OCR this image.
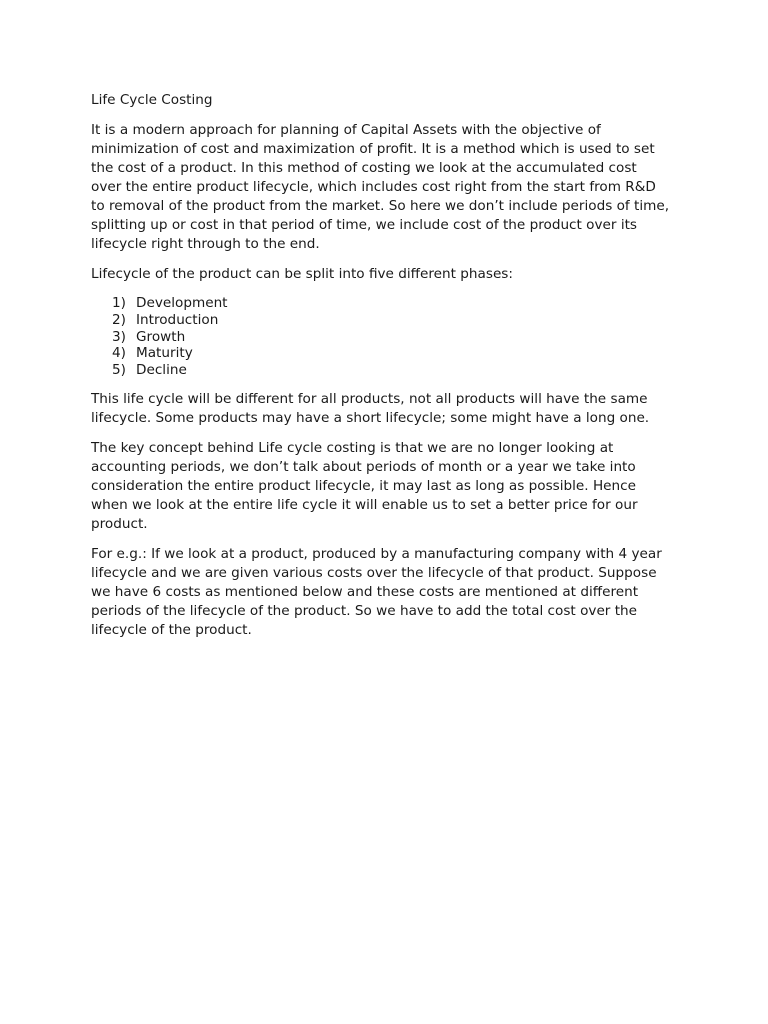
Life Cycle Costing

It is a modern approach for planning of Capital Assets with the objective of
minimization of cost and maximization of profit. It is a method which is used to set
the cost of a product. In this method of costing we look at the accumulated cost
over the entire product lifecycle, which includes cost right from the start from R&D
to removal of the product from the market. So here we don’t include periods of time,
splitting up or cost in that period of time, we include cost of the product over its
lifecycle right through to the end.

Lifecycle of the product can be split into five different phases:

1) Development
2) Introduction
3) Growth
4) Maturity
5) Decline

This life cycle will be different for all products, not all products will have the same
lifecycle. Some products may have a short lifecycle; some might have a long one.

The key concept behind Life cycle costing is that we are no longer looking at
accounting periods, we don’t talk about periods of month or a year we take into
consideration the entire product lifecycle, it may last as long as possible. Hence
when we look at the entire life cycle it will enable us to set a better price for our
product.

For e.g.: If we look at a product, produced by a manufacturing company with 4 year
lifecycle and we are given various costs over the lifecycle of that product. Suppose
we have 6 costs as mentioned below and these costs are mentioned at different
periods of the lifecycle of the product. So we have to add the total cost over the
lifecycle of the product.
